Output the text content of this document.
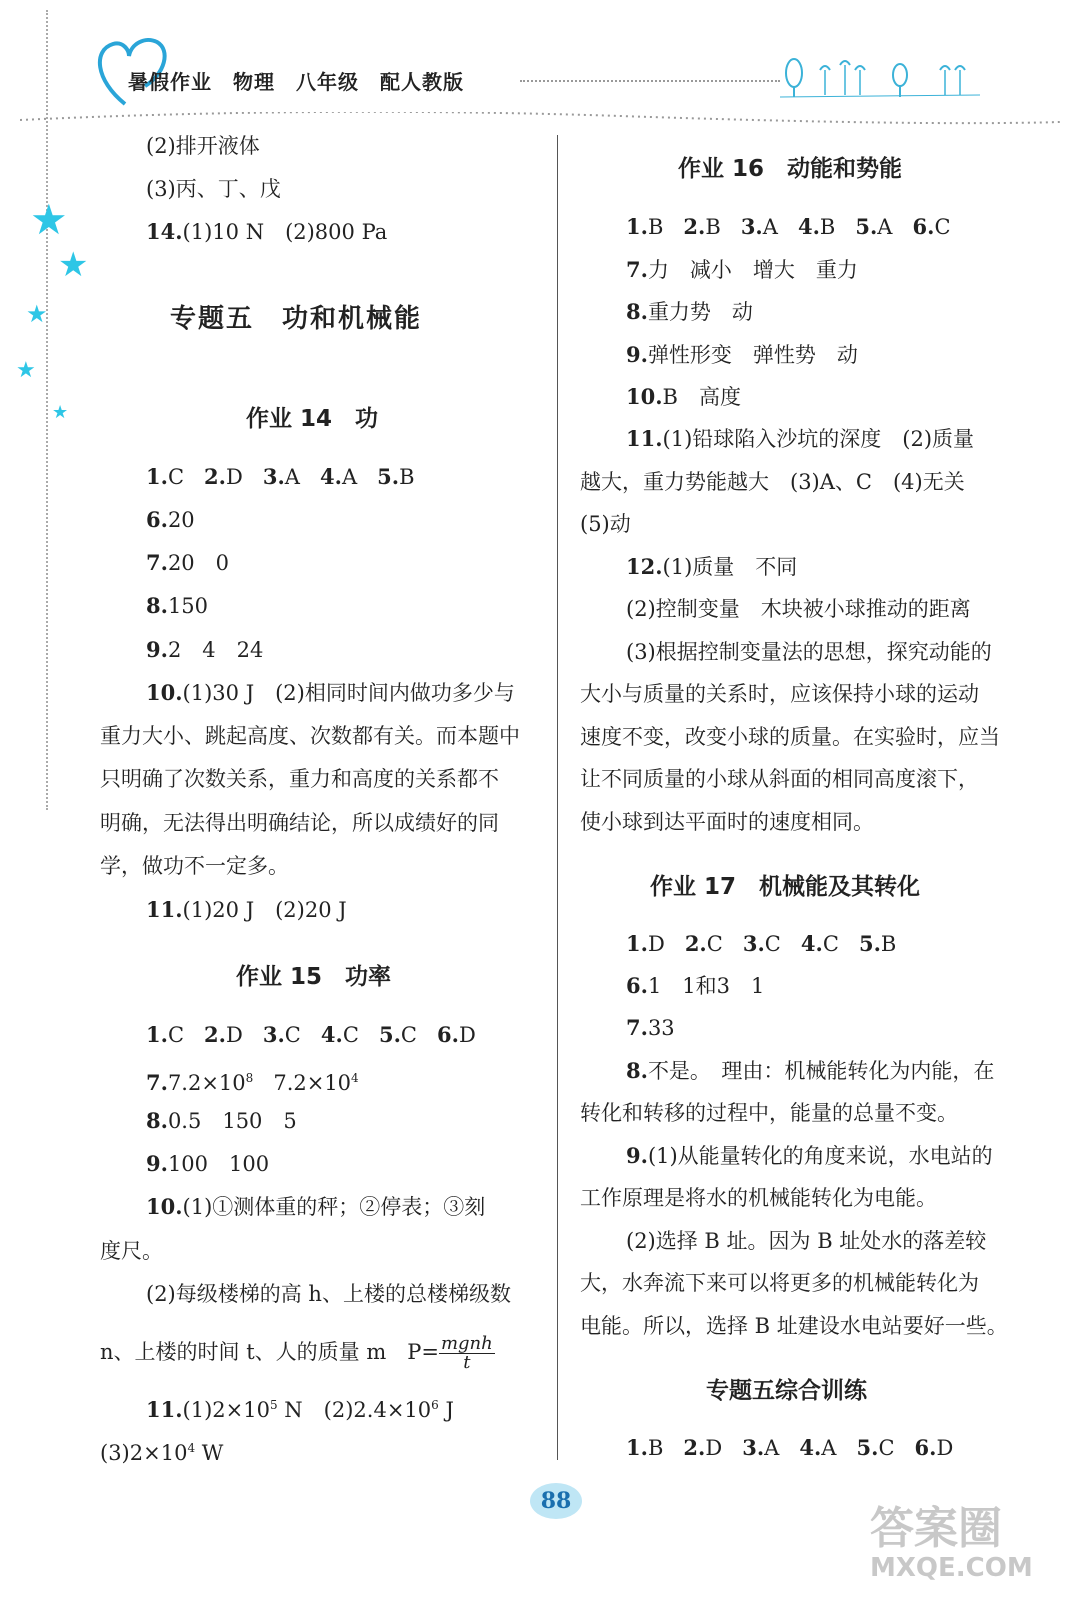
暑假作业　物理　八年级　配人教版
★
★
★
★
★
(2)排开液体
(3)丙、丁、戊
14.(1)10 N　(2)800 Pa
专题五　功和机械能
作业 14　功
1.C 2.D 3.A 4.A 5.B
6.20
7.20　0
8.150
9.2　4　24
10.(1)30 J　(2)相同时间内做功多少与
重力大小、跳起高度、次数都有关。而本题中
只明确了次数关系，重力和高度的关系都不
明确，无法得出明确结论，所以成绩好的同
学，做功不一定多。
11.(1)20 J　(2)20 J
作业 15　功率
1.C 2.D 3.C 4.C 5.C 6.D
$7.7.2\times 10^8$ $7.2\times 10^4$
8.0.5　150　5
9.100　100
10.(1)①测体重的秤；②停表；③刻
度尺。
(2)每级楼梯的高 h、上楼的总楼梯级数
n、上楼的时间 t、人的质量 m　$P= \frac{\text{mgnh}}{t}$
$11.(1)2\times 10^5$ N　$(2)2.4\times 10^6$ J
$(3)2\times 10^4$ W
作业 16　动能和势能
1.B 2.B 3.A 4.B 5.A 6.C
7.力　减小　增大　重力
8.重力势　动
9.弹性形变　弹性势　动
10.B　高度
11.(1)铅球陷入沙坑的深度　(2)质量
越大，重力势能越大　(3)A、C　(4)无关
(5)动
12.(1)质量　不同
(2)控制变量　木块被小球推动的距离
(3)根据控制变量法的思想，探究动能的
大小与质量的关系时，应该保持小球的运动
速度不变，改变小球的质量。在实验时，应当
让不同质量的小球从斜面的相同高度滚下，
使小球到达平面时的速度相同。
作业 17　机械能及其转化
1.D 2.C 3.C 4.C 5.B
6.1　1和3　1
7.33
8.不是。　理由：机械能转化为内能，在
转化和转移的过程中，能量的总量不变。
9.(1)从能量转化的角度来说，水电站的
工作原理是将水的机械能转化为电能。
(2)选择 B 址。因为 B 址处水的落差较
大，水奔流下来可以将更多的机械能转化为
电能。所以，选择 B 址建设水电站要好一些。
专题五综合训练
1.B 2.D 3.A 4.A 5.C 6.D
88
答案圈
MXQE.COM
